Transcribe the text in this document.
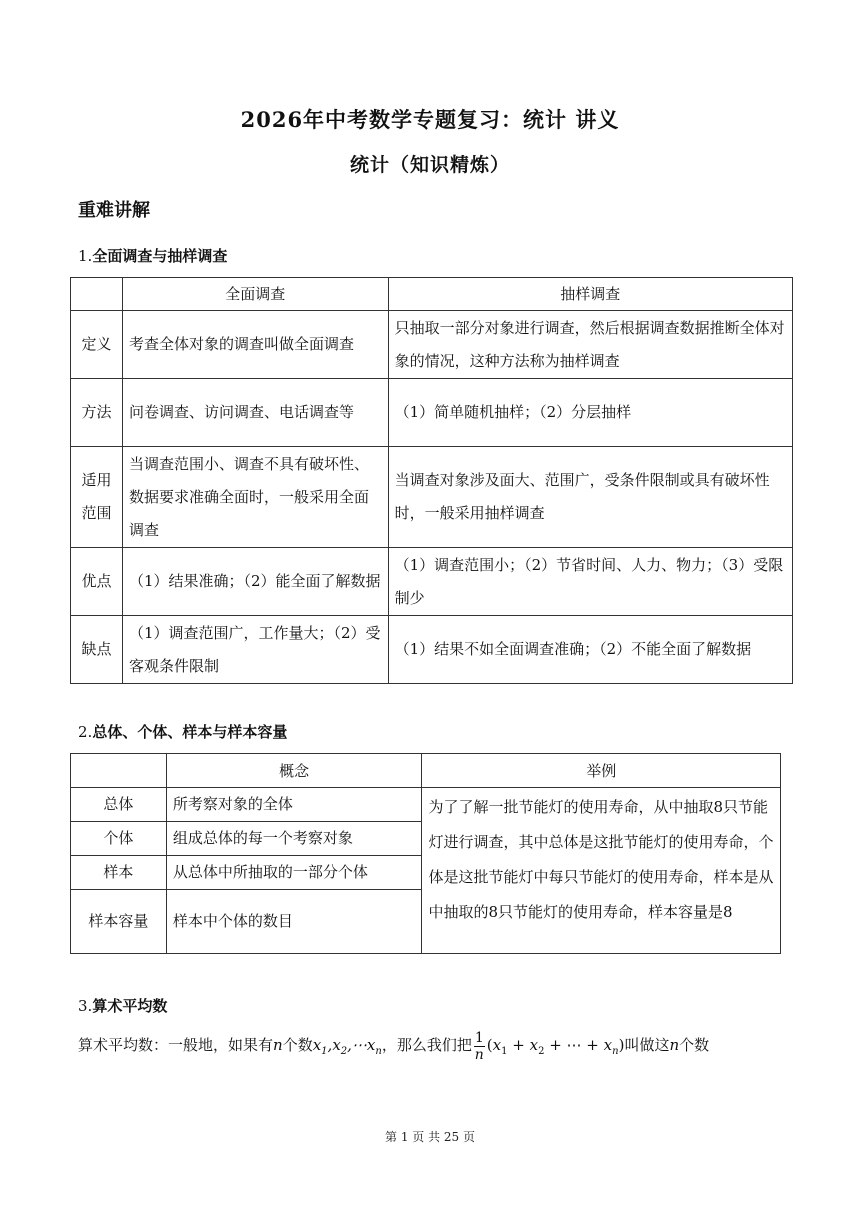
2026年中考数学专题复习：统计 讲义
统计（知识精炼）
重难讲解
1.全面调查与抽样调查
	全面调查	抽样调查
定义	考查全体对象的调查叫做全面调查	只抽取一部分对象进行调查，然后根据调查数据推断全体对象的情况，这种方法称为抽样调查
方法	问卷调查、访问调查、电话调查等	（1）简单随机抽样；（2）分层抽样
适用范围	当调查范围小、调查不具有破坏性、数据要求准确全面时，一般采用全面调查	当调查对象涉及面大、范围广，受条件限制或具有破坏性时，一般采用抽样调查
优点	（1）结果准确；（2）能全面了解数据	（1）调查范围小；（2）节省时间、人力、物力；（3）受限制少
缺点	（1）调查范围广，工作量大；（2）受客观条件限制	（1）结果不如全面调查准确；（2）不能全面了解数据
2.总体、个体、样本与样本容量
	概念	举例
总体	所考察对象的全体	为了了解一批节能灯的使用寿命，从中抽取8只节能灯进行调查，其中总体是这批节能灯的使用寿命，个体是这批节能灯中每只节能灯的使用寿命，样本是从中抽取的8只节能灯的使用寿命，样本容量是8
个体	组成总体的每一个考察对象	
样本	从总体中所抽取的一部分个体	
样本容量	样本中个体的数目	
3.算术平均数
算术平均数：一般地，如果有n个数$x_1,x_2,\cdots x_n$，那么我们把 $\frac{1}{n} (x_1 + x_2$ + ⋯ + $x_n$)叫做这n个数
第 1 页 共 25 页
